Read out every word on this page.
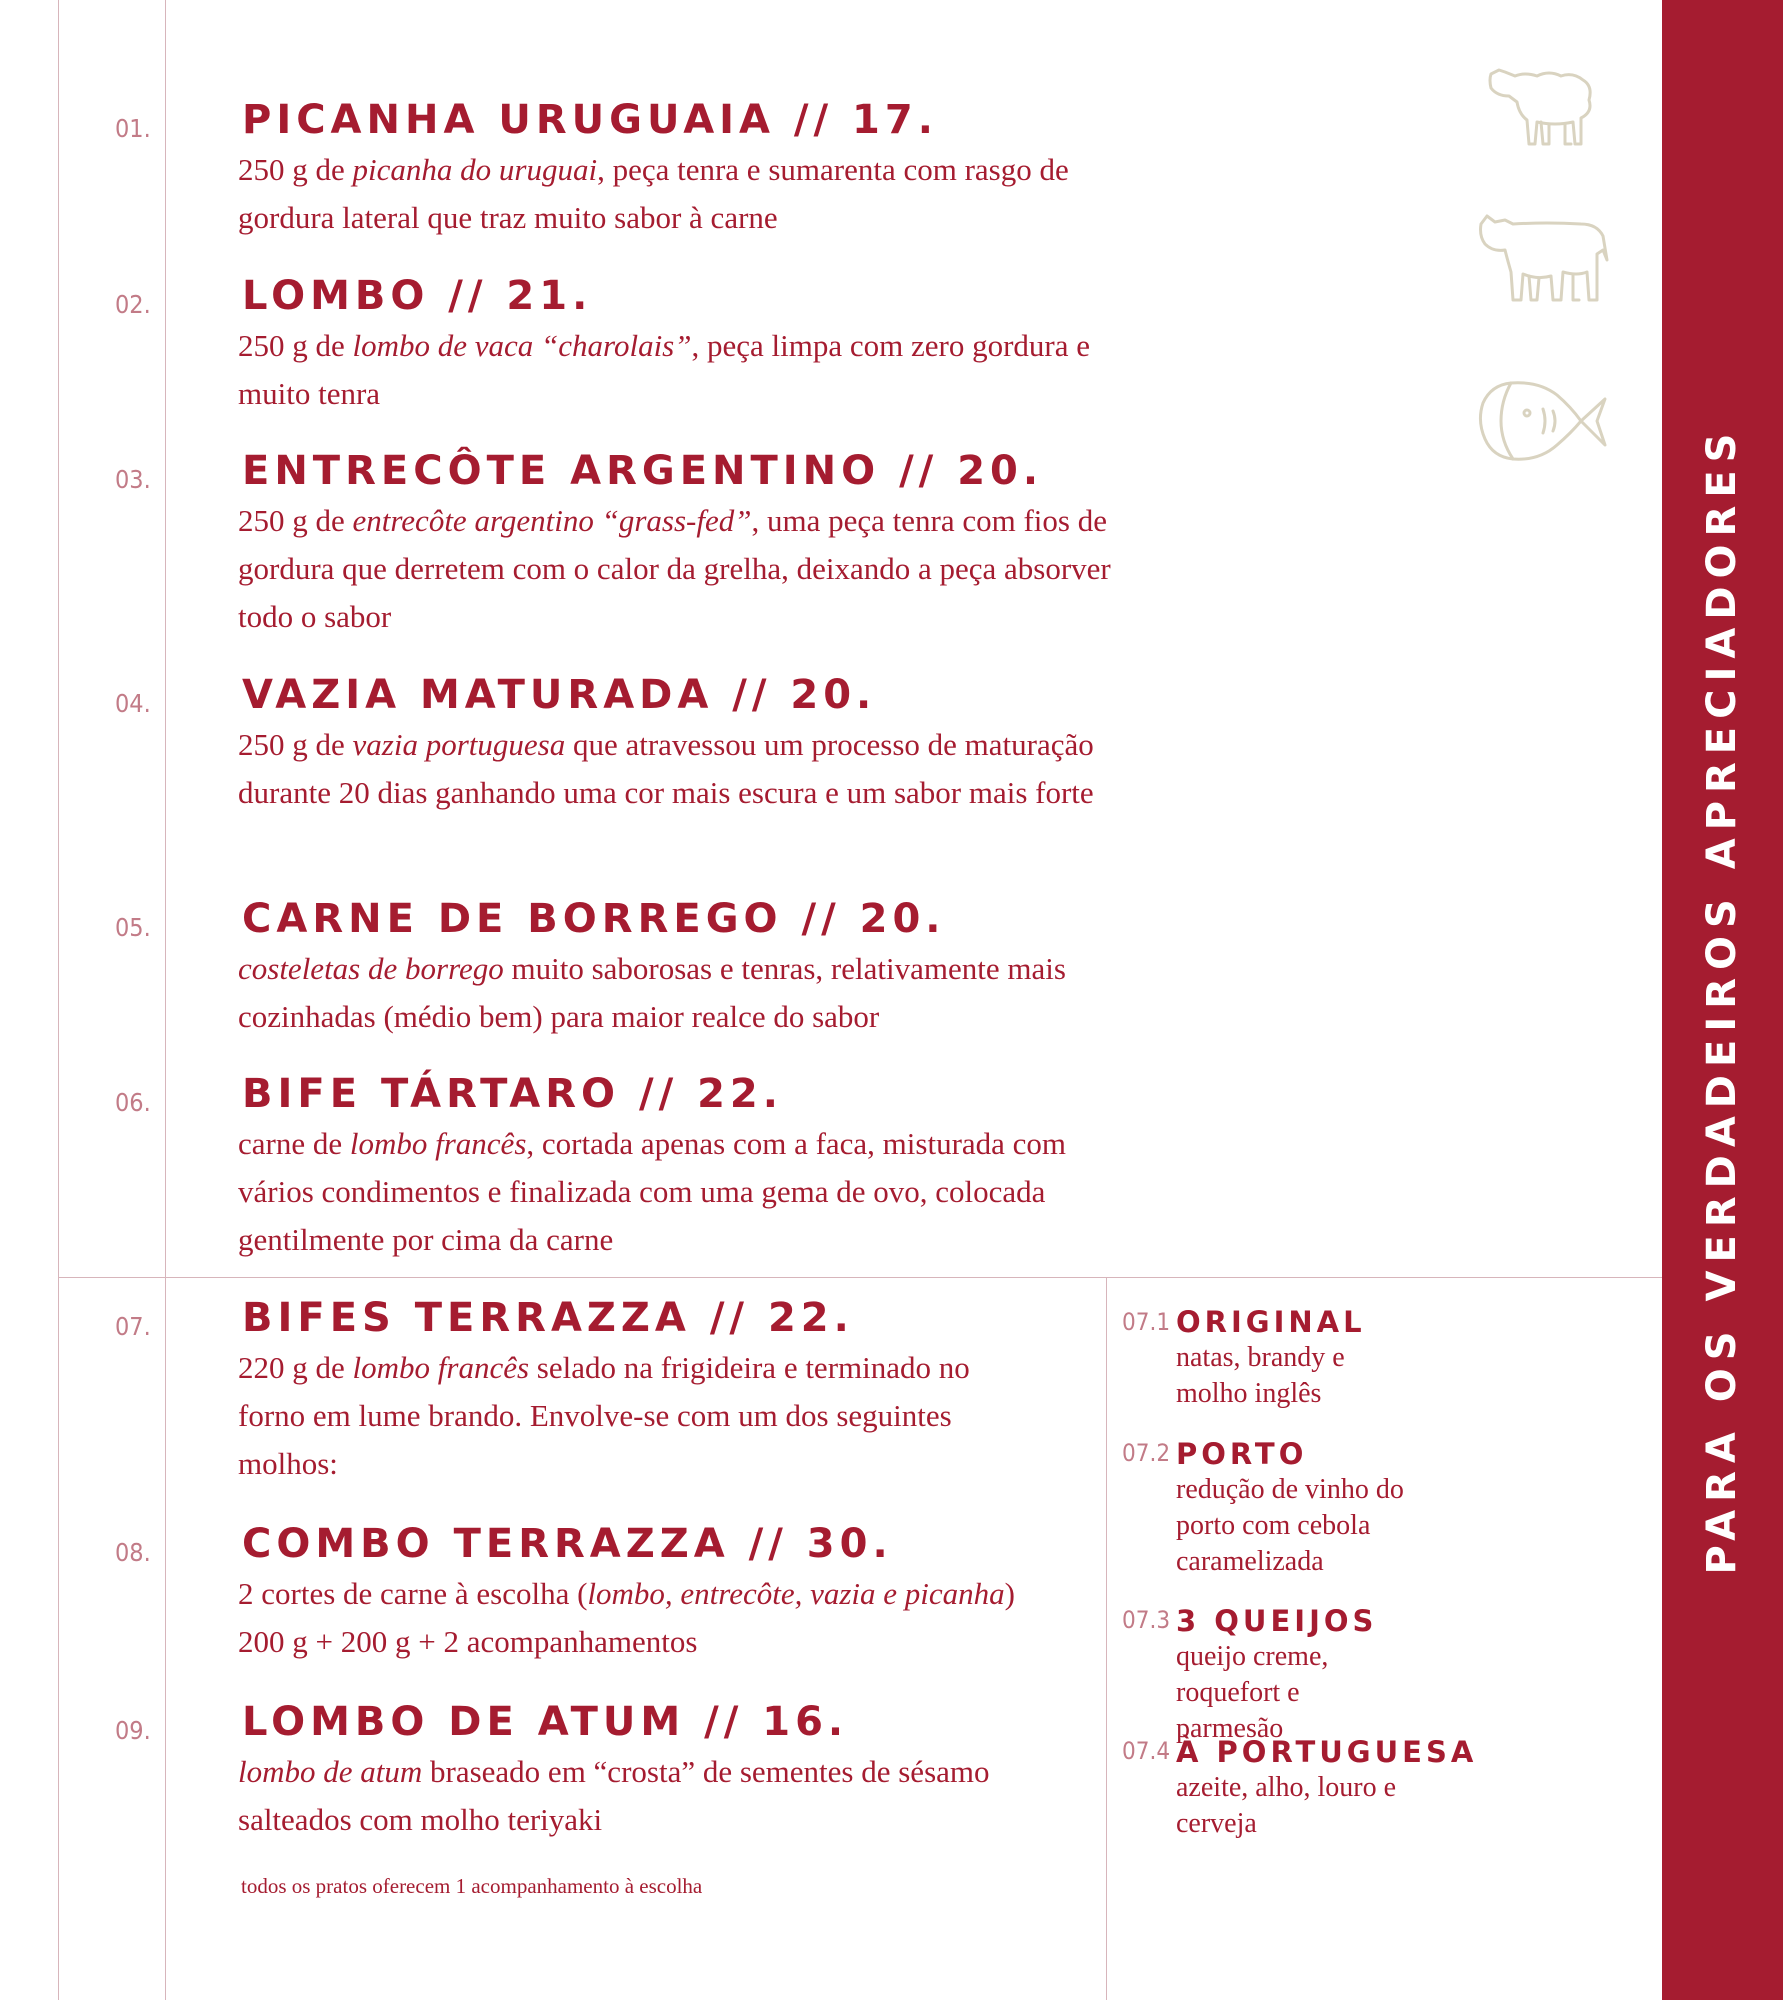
PARA OS VERDADEIROS APRECIADORES
01.	PICANHA URUGUAIA // 17.

250 g de picanha do uruguai, peça tenra e sumarenta com rasgo de gordura lateral que traz muito sabor à carne

02.	LOMBO // 21.

250 g de lombo de vaca “charolais”, peça limpa com zero gordura e muito tenra

03.	ENTRECÔTE ARGENTINO // 20.

250 g de entrecôte argentino “grass-fed”, uma peça tenra com fios de gordura que derretem com o calor da grelha, deixando a peça absorver todo o sabor

04.	VAZIA MATURADA // 20.

250 g de vazia portuguesa que atravessou um processo de maturação durante 20 dias ganhando uma cor mais escura e um sabor mais forte

05.	CARNE DE BORREGO // 20.

costeletas de borrego muito saborosas e tenras, relativamente mais cozinhadas (médio bem) para maior realce do sabor

06.	BIFE TÁRTARO // 22.

carne de lombo francês, cortada apenas com a faca, misturada com vários condimentos e finalizada com uma gema de ovo, colocada gentilmente por cima da carne

07.	BIFES TERRAZZA // 22.

220 g de lombo francês selado na frigideira e terminado no forno em lume brando. Envolve-se com um dos seguintes molhos:

08.	COMBO TERRAZZA // 30.

2 cortes de carne à escolha (lombo, entrecôte, vazia e picanha) 200 g + 200 g + 2 acompanhamentos

09.	LOMBO DE ATUM // 16.

lombo de atum braseado em “crosta” de sementes de sésamo salteados com molho teriyaki

07.1 ORIGINAL
natas, brandy e molho inglês
07.2 PORTO
redução de vinho do porto com cebola caramelizada
07.3 3 QUEIJOS
queijo creme, roquefort e parmesão
07.4 À PORTUGUESA
azeite, alho, louro e cerveja
todos os pratos oferecem 1 acompanhamento à escolha
